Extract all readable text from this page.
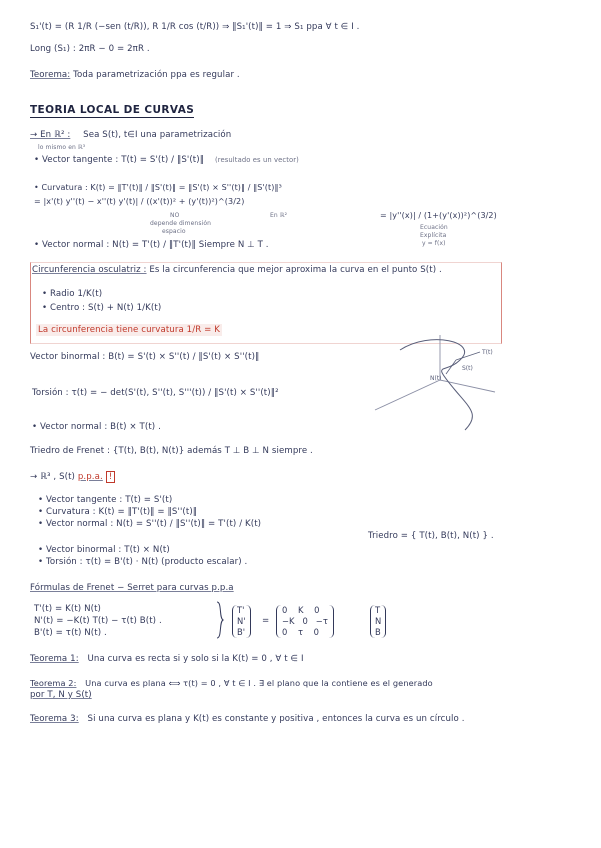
S₁'(t) = (R 1/R (−sen (t/R)), R 1/R cos (t/R)) ⇒ ‖S₁'(t)‖ = 1 ⇒ S₁ ppa ∀ t ∈ I .
Long (S₁) : 2πR − 0 = 2πR .
Teorema: Toda parametrización ppa es regular .
TEORIA LOCAL DE CURVAS
→ En ℝ² : Sea S(t), t∈I una parametrización
lo mismo en ℝ³
• Vector tangente : T(t) = S'(t) / ‖S'(t)‖ (resultado es un vector)
• Curvatura : K(t) = ‖T'(t)‖ / ‖S'(t)‖ = ‖S'(t) × S''(t)‖ / ‖S'(t)‖³
= |x'(t) y''(t) − x''(t) y'(t)| / ((x'(t))² + (y'(t))²)^(3/2)
= |y''(x)| / (1+(y'(x))²)^(3/2)
NO
depende dimensión
espacio
En ℝ²
Ecuación
Explícita
y = f(x)
• Vector normal : N(t) = T'(t) / ‖T'(t)‖ Siempre N ⊥ T .
Circunferencia osculatriz : Es la circunferencia que mejor aproxima la curva en el punto S(t) .
• Radio 1/K(t)
• Centro : S(t) + N(t) 1/K(t)
La circunferencia tiene curvatura 1/R = K
Vector binormal : B(t) = S'(t) × S''(t) / ‖S'(t) × S''(t)‖
Torsión : τ(t) = − det(S'(t), S''(t), S'''(t)) / ‖S'(t) × S''(t)‖²
• Vector normal : B(t) × T(t) .
Triedro de Frenet : {T(t), B(t), N(t)} además T ⊥ B ⊥ N siempre .
T(t)
S(t)
N(t)
→ ℝ³ , S(t) p.p.a. !
• Vector tangente : T(t) = S'(t)
• Curvatura : K(t) = ‖T'(t)‖ = ‖S''(t)‖
• Vector normal : N(t) = S''(t) / ‖S''(t)‖ = T'(t) / K(t)
• Vector binormal : T(t) × N(t)
• Torsión : τ(t) = B'(t) · N(t) (producto escalar) .
Triedro = { T(t), B(t), N(t) } .
Fórmulas de Frenet − Serret para curvas p.p.a
T'(t) = K(t) N(t)
N'(t) = −K(t) T(t) − τ(t) B(t) .
B'(t) = τ(t) N(t) .
T'
N'
B'
=
0    K    0
−K   0   −τ
0    τ    0
T
N
B
Teorema 1: Una curva es recta si y solo si la K(t) = 0 , ∀ t ∈ I
Teorema 2: Una curva es plana ⟺ τ(t) = 0 , ∀ t ∈ I . ∃ el plano que la contiene es el generado
por T, N y S(t)
Teorema 3: Si una curva es plana y K(t) es constante y positiva , entonces la curva es un círculo .
